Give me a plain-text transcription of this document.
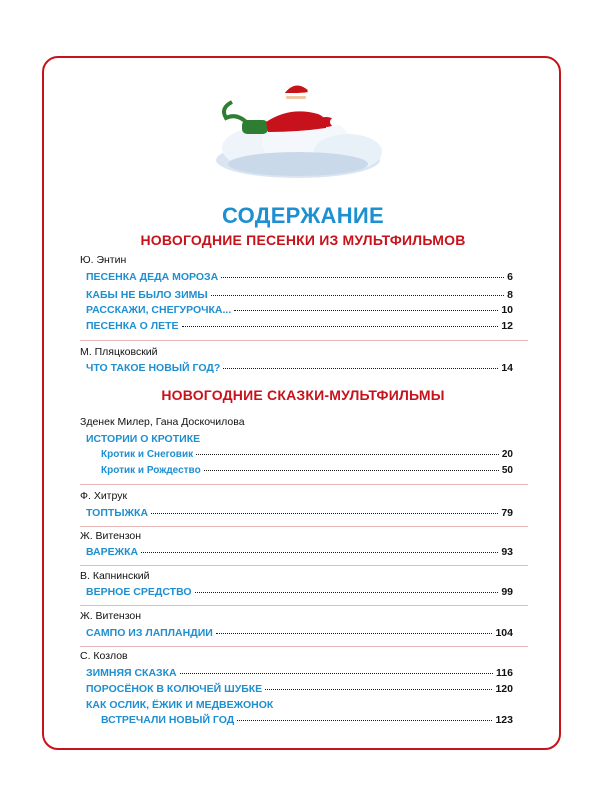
СОДЕРЖАНИЕ
НОВОГОДНИЕ ПЕСЕНКИ ИЗ МУЛЬТФИЛЬМОВ
Ю. Энтин
ПЕСЕНКА ДЕДА МОРОЗА	6
КАБЫ НЕ БЫЛО ЗИМЫ	8
РАССКАЖИ, СНЕГУРОЧКА...	10
ПЕСЕНКА О ЛЕТЕ	12
М. Пляцковский
ЧТО ТАКОЕ НОВЫЙ ГОД?	14
НОВОГОДНИЕ СКАЗКИ-МУЛЬТФИЛЬМЫ
Зденек Милер, Гана Доскочилова
ИСТОРИИ О КРОТИКЕ
Кротик и Снеговик	20
Кротик и Рождество	50
Ф. Хитрук
ТОПТЫЖКА	79
Ж. Витензон
ВАРЕЖКА	93
В. Капнинский
ВЕРНОЕ СРЕДСТВО	99
Ж. Витензон
САМПО ИЗ ЛАПЛАНДИИ	104
С. Козлов
ЗИМНЯЯ СКАЗКА	116
ПОРОСЁНОК В КОЛЮЧЕЙ ШУБКЕ	120
КАК ОСЛИК, ЁЖИК И МЕДВЕЖОНОК
ВСТРЕЧАЛИ НОВЫЙ ГОД	123
